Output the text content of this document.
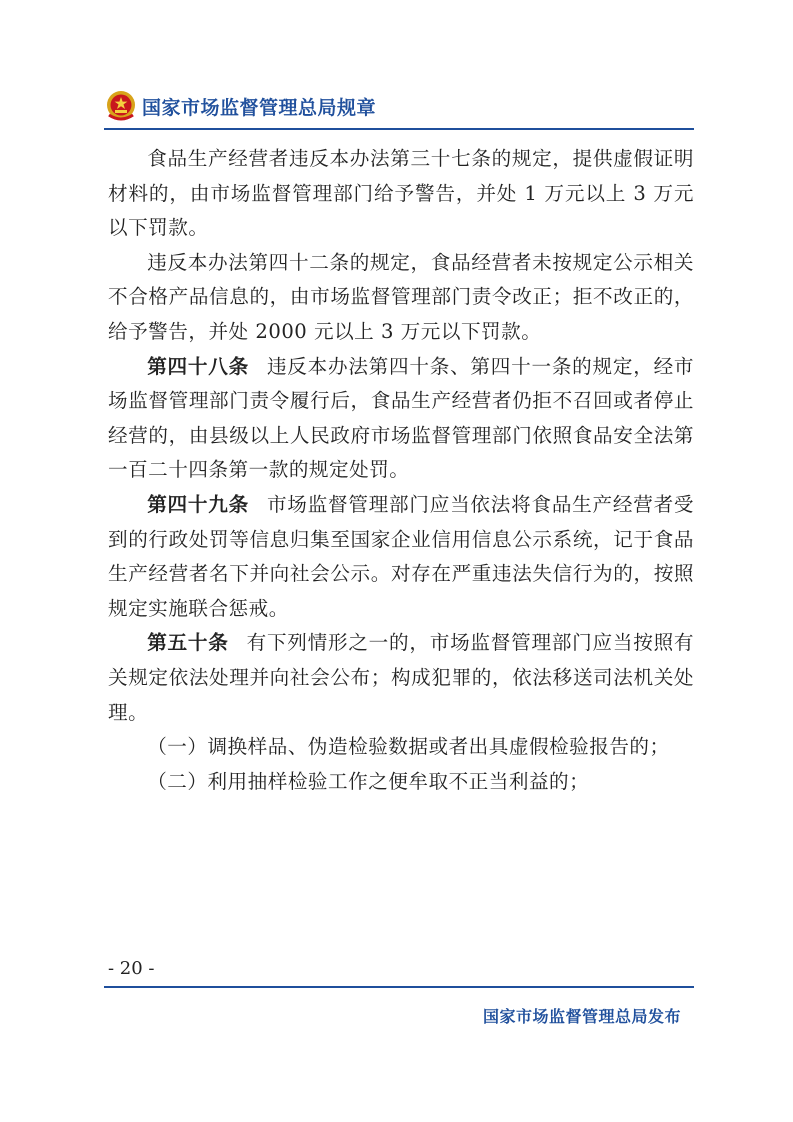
国家市场监督管理总局规章

食品生产经营者违反本办法第三十七条的规定，提供虚假证明材料的，由市场监督管理部门给予警告，并处 1 万元以上 3 万元以下罚款。

违反本办法第四十二条的规定，食品经营者未按规定公示相关不合格产品信息的，由市场监督管理部门责令改正；拒不改正的，给予警告，并处 2000 元以上 3 万元以下罚款。

第四十八条 违反本办法第四十条、第四十一条的规定，经市场监督管理部门责令履行后，食品生产经营者仍拒不召回或者停止经营的，由县级以上人民政府市场监督管理部门依照食品安全法第一百二十四条第一款的规定处罚。

第四十九条 市场监督管理部门应当依法将食品生产经营者受到的行政处罚等信息归集至国家企业信用信息公示系统，记于食品生产经营者名下并向社会公示。对存在严重违法失信行为的，按照规定实施联合惩戒。

第五十条 有下列情形之一的，市场监督管理部门应当按照有关规定依法处理并向社会公布；构成犯罪的，依法移送司法机关处理。

（一）调换样品、伪造检验数据或者出具虚假检验报告的；

（二）利用抽样检验工作之便牟取不正当利益的；

- 20 -
国家市场监督管理总局发布
